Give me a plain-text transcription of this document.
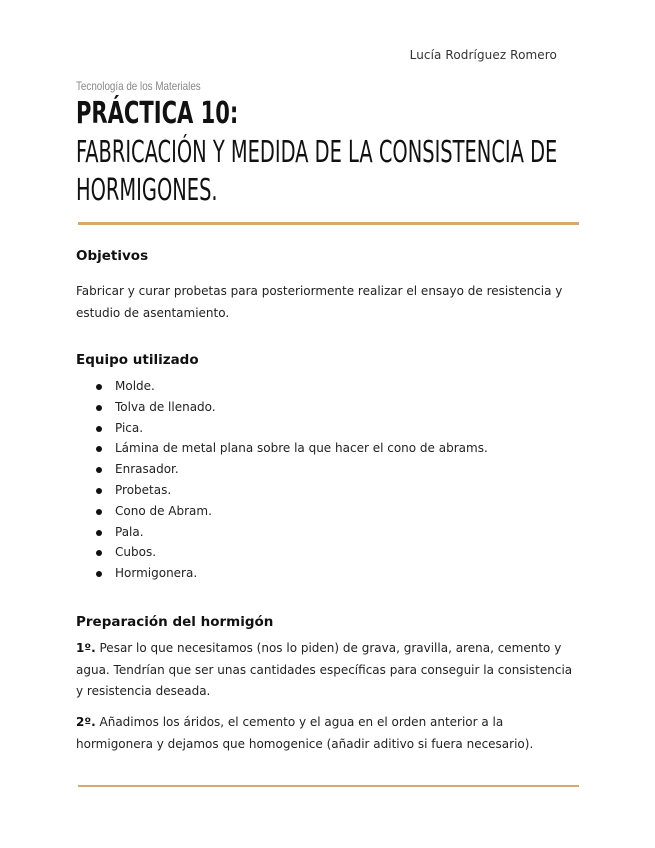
Lucía Rodríguez Romero
Tecnología de los Materiales
PRÁCTICA 10:
FABRICACIÓN Y MEDIDA DE LA CONSISTENCIA DE
HORMIGONES.
Objetivos

Fabricar y curar probetas para posteriormente realizar el ensayo de resistencia y estudio de asentamiento.

Equipo utilizado
Molde.
Tolva de llenado.
Pica.
Lámina de metal plana sobre la que hacer el cono de abrams.
Enrasador.
Probetas.
Cono de Abram.
Pala.
Cubos.
Hormigonera.
Preparación del hormigón

1º. Pesar lo que necesitamos (nos lo piden) de grava, gravilla, arena, cemento y agua. Tendrían que ser unas cantidades específicas para conseguir la consistencia y resistencia deseada.

2º. Añadimos los áridos, el cemento y el agua en el orden anterior a la hormigonera y dejamos que homogenice (añadir aditivo si fuera necesario).
